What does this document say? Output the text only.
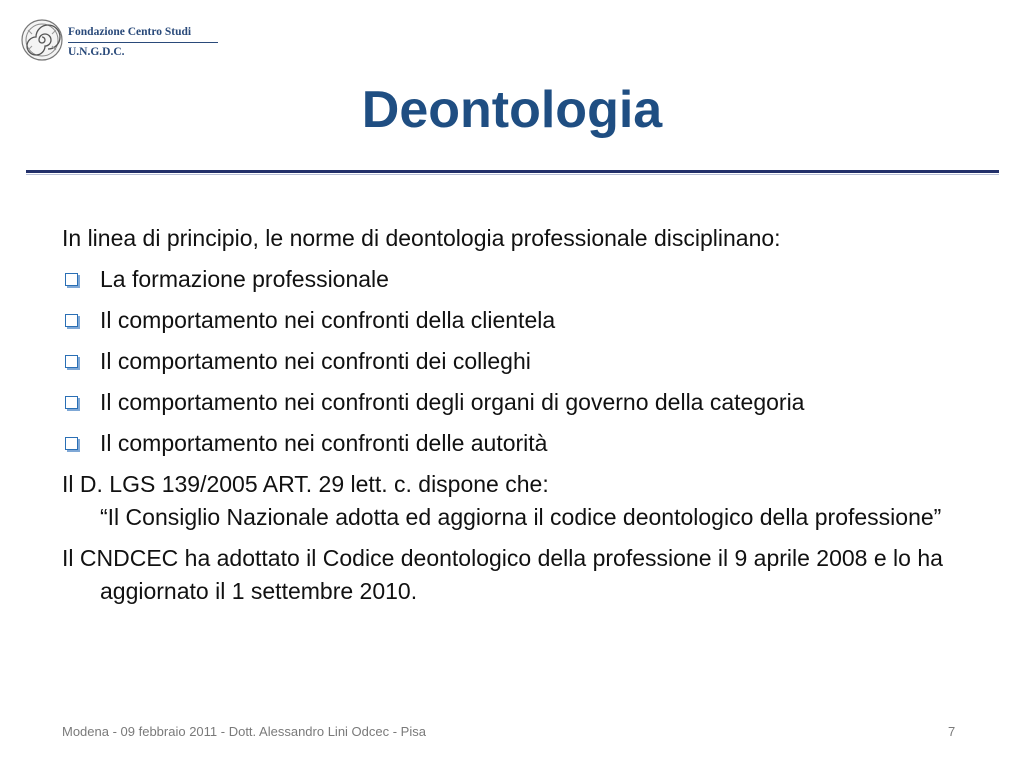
Fondazione Centro Studi
U.N.G.D.C.
Deontologia

In linea di principio, le norme di deontologia professionale disciplinano:

La formazione professionale
Il comportamento nei confronti della clientela
Il comportamento nei confronti dei colleghi
Il comportamento nei confronti degli organi di governo della categoria
Il comportamento nei confronti delle autorità

Il D. LGS 139/2005 ART. 29 lett. c. dispone che:
“Il Consiglio Nazionale adotta ed aggiorna il codice deontologico della professione”

Il CNDCEC ha adottato il Codice deontologico della professione il 9 aprile 2008 e lo ha aggiornato il 1 settembre 2010.

Modena - 09 febbraio 2011 - Dott. Alessandro Lini Odcec - Pisa	7
